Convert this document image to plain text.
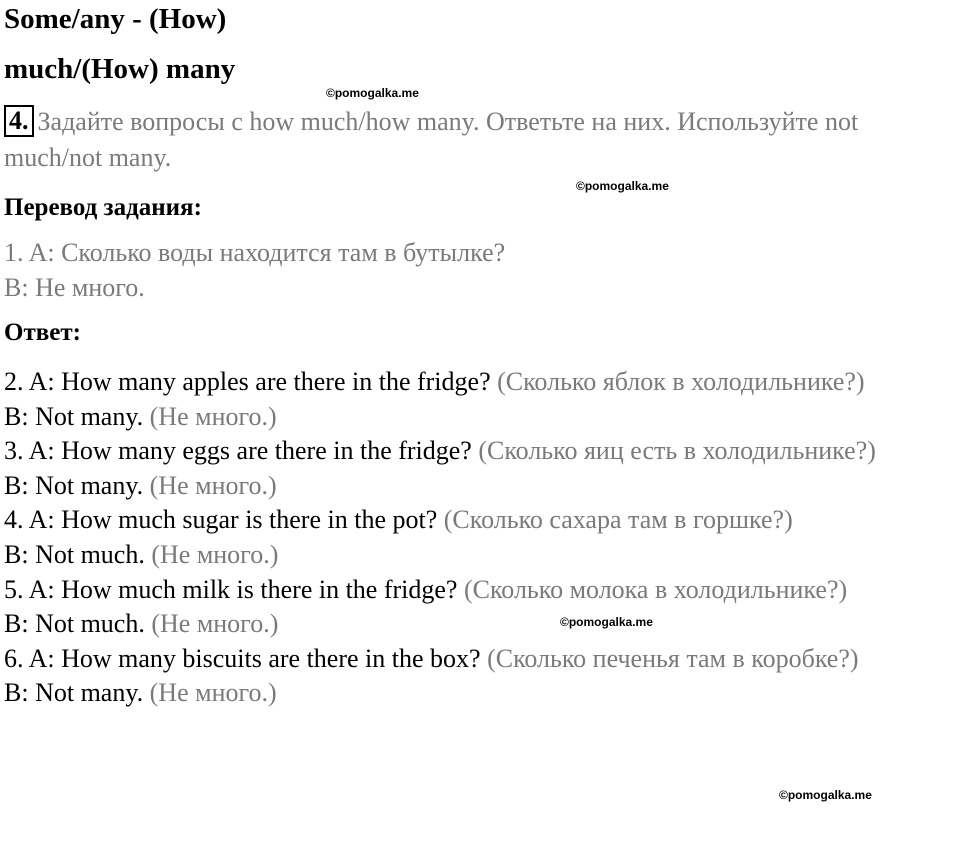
Some/any - (How)
much/(How) many
©pomogalka.me
©pomogalka.me
©pomogalka.me
©pomogalka.me
4. Задайте вопросы с how much/how many. Ответьте на них. Используйте not much/not many.
Перевод задания:
1. A: Сколько воды находится там в бутылке?
B: Не много.
Ответ:
2. A: How many apples are there in the fridge? (Сколько яблок в холодильнике?)
B: Not many. (Не много.)
3. A: How many eggs are there in the fridge? (Сколько яиц есть в холодильнике?)
B: Not many. (Не много.)
4. A: How much sugar is there in the pot? (Сколько сахара там в горшке?)
B: Not much. (Не много.)
5. A: How much milk is there in the fridge? (Сколько молока в холодильнике?)
B: Not much. (Не много.)
6. A: How many biscuits are there in the box? (Сколько печенья там в коробке?)
B: Not many. (Не много.)
